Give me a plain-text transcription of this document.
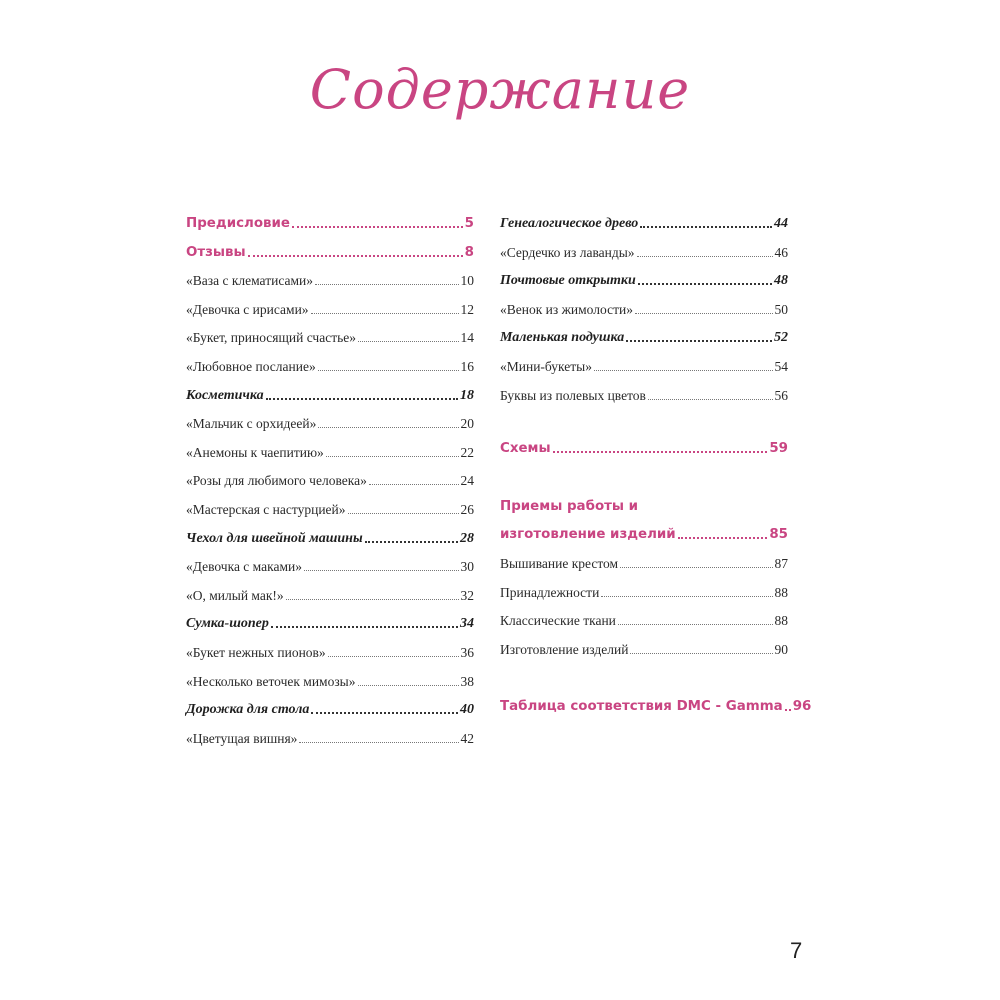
Содержание
Предисловие	5
Отзывы	8
«Ваза с клематисами»	10
«Девочка с ирисами»	12
«Букет, приносящий счастье»	14
«Любовное послание»	16
Косметичка	18
«Мальчик с орхидеей»	20
«Анемоны к чаепитию»	22
«Розы для любимого человека»	24
«Мастерская с настурцией»	26
Чехол для швейной машины	28
«Девочка с маками»	30
«О, милый мак!»	32
Сумка-шопер	34
«Букет нежных пионов»	36
«Несколько веточек мимозы»	38
Дорожка для стола	40
«Цветущая вишня»	42
Генеалогическое древо	44
«Сердечко из лаванды»	46
Почтовые открытки	48
«Венок из жимолости»	50
Маленькая подушка	52
«Мини-букеты»	54
Буквы из полевых цветов	56
Схемы	59
Приемы работы и
изготовление изделий	85
Вышивание крестом	87
Принадлежности	88
Классические ткани	88
Изготовление изделий	90
Таблица соответствия DMC - Gamma 96
7
